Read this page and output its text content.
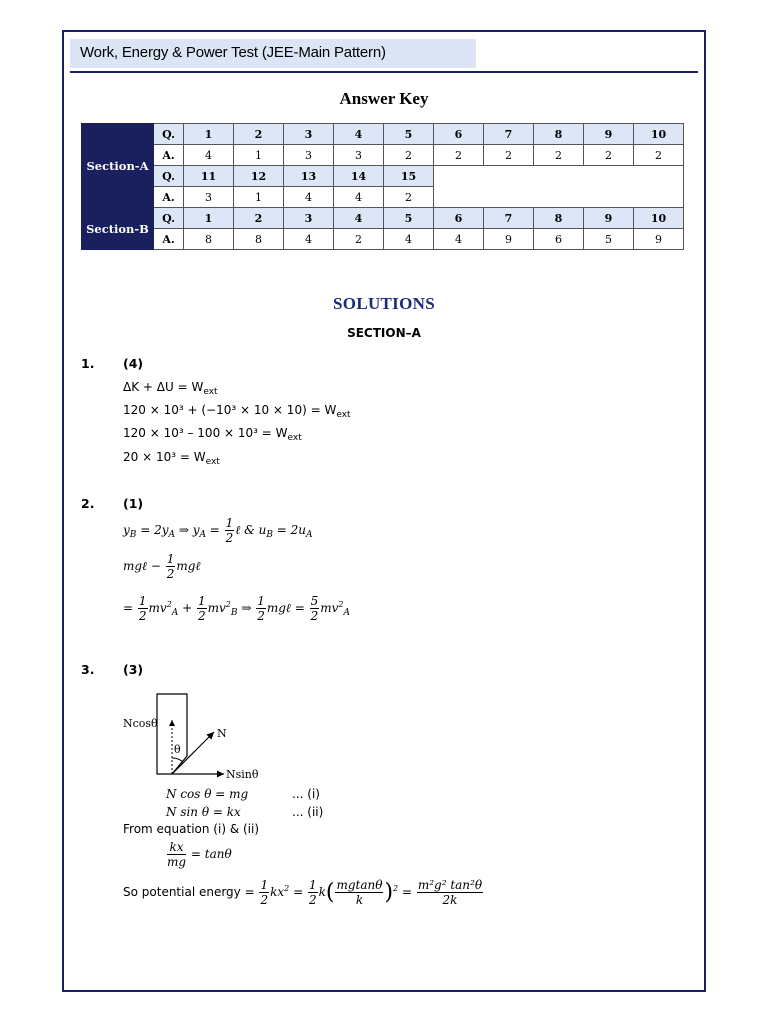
Work, Energy & Power Test (JEE-Main Pattern)
Answer Key
Section-A	Q.	1	2	3	4	5	6	7	8	9	10
	A.	4	1	3	3	2	2	2	2	2	2
	Q.	11	12	13	14	15					
	A.	3	1	4	4	2					
Section-B	Q.	1	2	3	4	5	6	7	8	9	10
	A.	8	8	4	2	4	4	9	6	5	9
SOLUTIONS
SECTION–A
1. (4)
$\Delta K + \Delta U = W_{ext}$
$120 \times 10^3 + (-10^3 \times 10 \times 10) = W_{ext}$
$120 \times 10^3 - 100 \times 10^3 = W_{ext}$
$20 \times 10^3 = W_{ext}$
2. (1)
$y_B = 2y_A$ ⇒ $y_A = \frac{1}{2}$ ℓ & $u_B = 2u_A$
mgℓ − $\frac{1}{2}$ mgℓ
= $\frac{1}{2} mv^2_A + \frac{1}{2} mv^2_B$ ⇒ $\frac{1}{2}$ mgℓ = $\frac{5}{2} mv^2_A$
3. (3)
Ncosθ
θ
N
Nsinθ
N cos θ = mg	... (i)
N sin θ = kx	... (ii)
From equation (i) & (ii)
$\frac{kx}{mg} = \tan\theta$
So potential energy = $\frac{1}{2} kx^2 = \frac{1}{2} k( \frac{mgtan\theta}{k} )^2 = \frac{\text{m²g² tan²θ}}{2k}$
